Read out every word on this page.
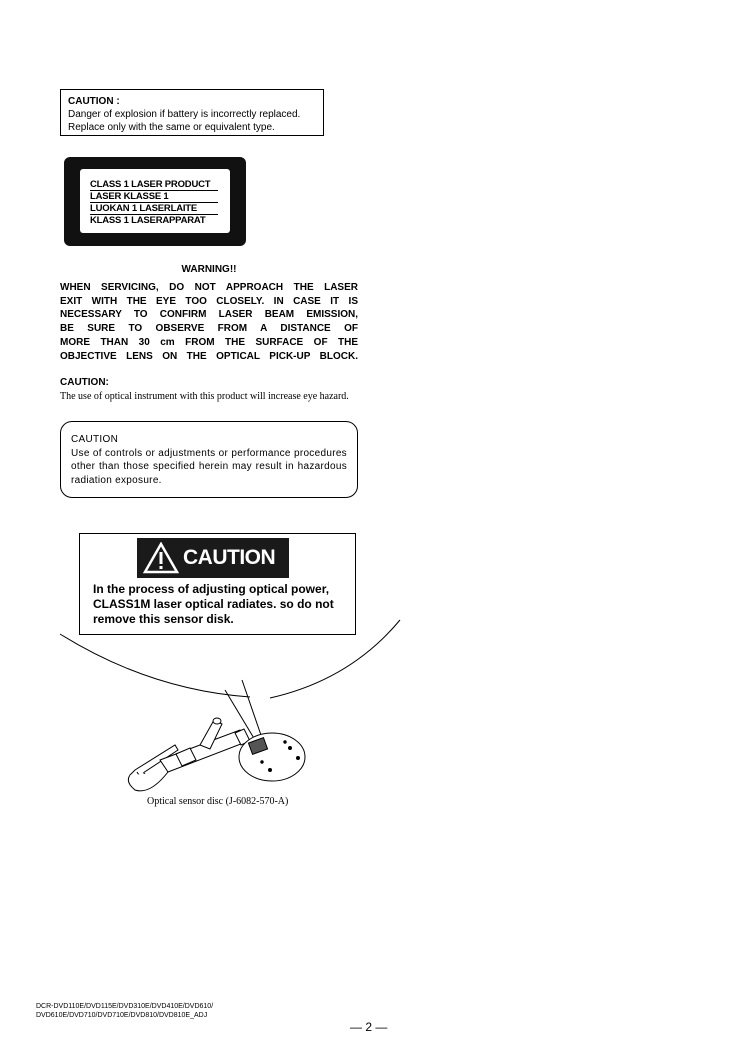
CAUTION :
Danger of explosion if battery is incorrectly replaced.
Replace only with the same or equivalent type.
CLASS 1 LASER PRODUCT
LASER KLASSE 1
LUOKAN 1 LASERLAITE
KLASS 1 LASERAPPARAT
WARNING!!
WHEN SERVICING, DO NOT APPROACH THE LASER
EXIT WITH THE EYE TOO CLOSELY. IN CASE IT IS
NECESSARY TO CONFIRM LASER BEAM EMISSION,
BE SURE TO OBSERVE FROM A DISTANCE OF
MORE THAN 30 cm FROM THE SURFACE OF THE
OBJECTIVE LENS ON THE OPTICAL PICK-UP BLOCK.
CAUTION:
The use of optical instrument with this product will increase eye hazard.
CAUTION
Use of controls or adjustments or performance procedures other than those specified herein may result in hazardous radiation exposure.
CAUTION
In the process of adjusting optical power,
CLASS1M laser optical radiates. so do not
remove this sensor disk.
Optical sensor disc (J-6082-570-A)
DCR-DVD110E/DVD115E/DVD310E/DVD410E/DVD610/
DVD610E/DVD710/DVD710E/DVD810/DVD810E_ADJ
— 2 —
